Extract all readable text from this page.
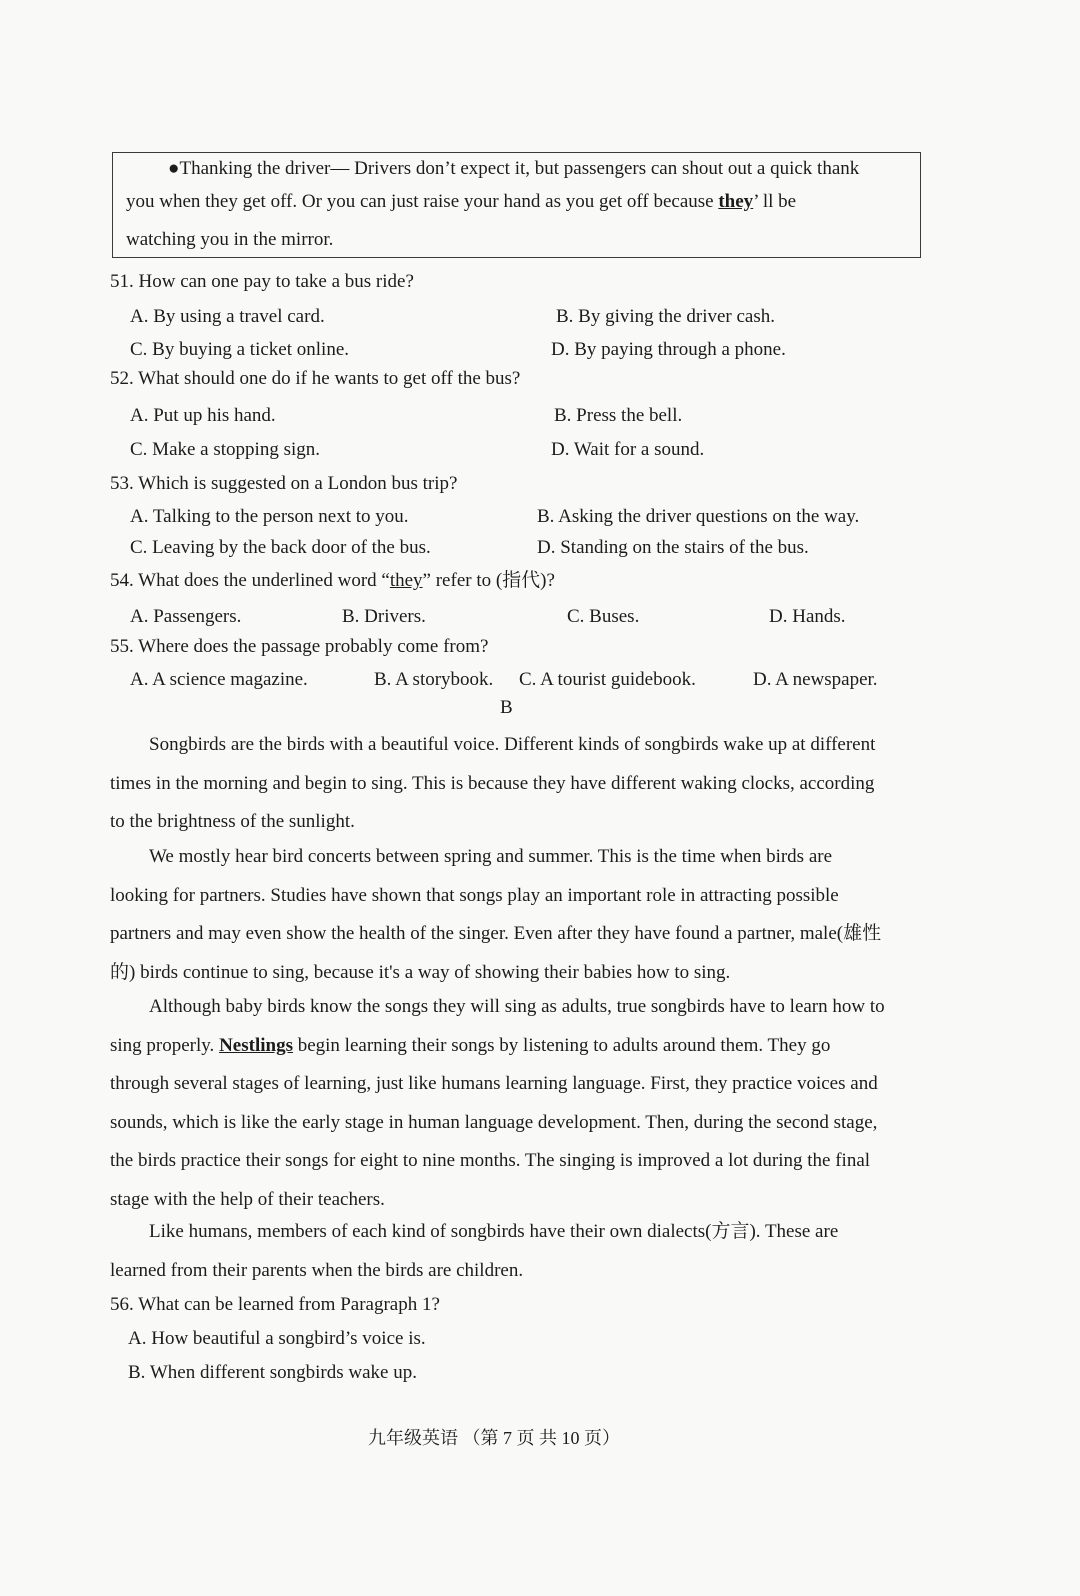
●Thanking the driver— Drivers don’t expect it, but passengers can shout out a quick thank
you when they get off. Or you can just raise your hand as you get off because they’ ll be
watching you in the mirror.
51. How can one pay to take a bus ride?
A. By using a travel card.	B. By giving the driver cash.
C. By buying a ticket online.	D. By paying through a phone.
52. What should one do if he wants to get off the bus?
A. Put up his hand.	B. Press the bell.
C. Make a stopping sign.	D. Wait for a sound.
53. Which is suggested on a London bus trip?
A. Talking to the person next to you.	B. Asking the driver questions on the way.
C. Leaving by the back door of the bus.	D. Standing on the stairs of the bus.
54. What does the underlined word “they” refer to (指代)?
A. Passengers.	B. Drivers.	C. Buses.	D. Hands.
55. Where does the passage probably come from?
A. A science magazine.	B. A storybook. C. A tourist guidebook.	D. A newspaper.
B
Songbirds are the birds with a beautiful voice. Different kinds of songbirds wake up at different times in the morning and begin to sing. This is because they have different waking clocks, according to the brightness of the sunlight.
We mostly hear bird concerts between spring and summer. This is the time when birds are looking for partners. Studies have shown that songs play an important role in attracting possible partners and may even show the health of the singer. Even after they have found a partner, male(雄性的) birds continue to sing, because it's a way of showing their babies how to sing.
Although baby birds know the songs they will sing as adults, true songbirds have to learn how to sing properly. Nestlings begin learning their songs by listening to adults around them. They go through several stages of learning, just like humans learning language. First, they practice voices and sounds, which is like the early stage in human language development. Then, during the second stage, the birds practice their songs for eight to nine months. The singing is improved a lot during the final stage with the help of their teachers.
Like humans, members of each kind of songbirds have their own dialects(方言). These are learned from their parents when the birds are children.
56. What can be learned from Paragraph 1?
A. How beautiful a songbird’s voice is.
B. When different songbirds wake up.
九年级英语 （第 7 页 共 10 页）
